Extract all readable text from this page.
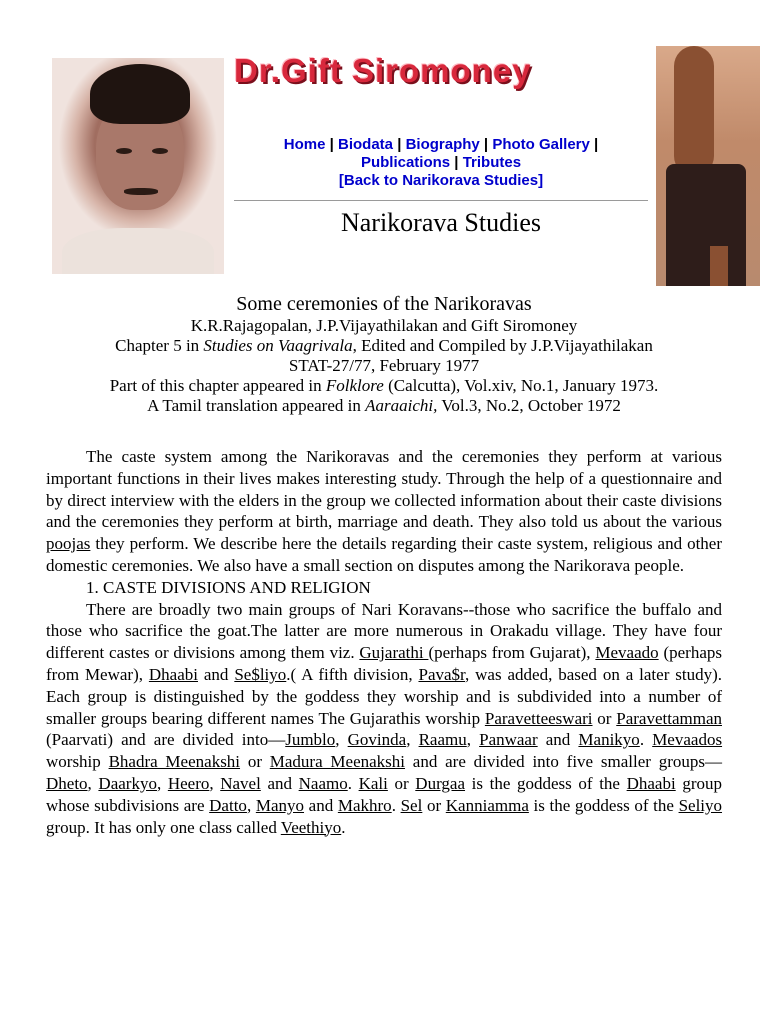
Dr.Gift Siromoney
Home | Biodata | Biography | Photo Gallery |
Publications | Tributes
[Back to Narikorava Studies]
Narikorava Studies
Some ceremonies of the Narikoravas
K.R.Rajagopalan, J.P.Vijayathilakan and Gift Siromoney
Chapter 5 in Studies on Vaagrivala, Edited and Compiled by J.P.Vijayathilakan
STAT-27/77, February 1977
Part of this chapter appeared in Folklore (Calcutta), Vol.xiv, No.1, January 1973.
A Tamil translation appeared in Aaraaichi, Vol.3, No.2, October 1972

The caste system among the Narikoravas and the ceremonies they perform at various important functions in their lives makes interesting study. Through the help of a questionnaire and by direct interview with the elders in the group we collected information about their caste divisions and the ceremonies they perform at birth, marriage and death. They also told us about the various poojas they perform. We describe here the details regarding their caste system, religious and other domestic ceremonies. We also have a small section on disputes among the Narikorava people.

1. CASTE DIVISIONS AND RELIGION

There are broadly two main groups of Nari Koravans--those who sacrifice the buffalo and those who sacrifice the goat.The latter are more numerous in Orakadu village. They have four different castes or divisions among them viz. Gujarathi (perhaps from Gujarat), Mevaado (perhaps from Mewar), Dhaabi and Se$liyo.( A fifth division, Pava$r, was added, based on a later study). Each group is distinguished by the goddess they worship and is subdivided into a number of smaller groups bearing different names The Gujarathis worship Paravetteeswari or Paravettamman (Paarvati) and are divided into—Jumblo, Govinda, Raamu, Panwaar and Manikyo. Mevaados worship Bhadra Meenakshi or Madura Meenakshi and are divided into five smaller groups—Dheto, Daarkyo, Heero, Navel and Naamo. Kali or Durgaa is the goddess of the Dhaabi group whose subdivisions are Datto, Manyo and Makhro. Sel or Kanniamma is the goddess of the Seliyo group. It has only one class called Veethiyo.
